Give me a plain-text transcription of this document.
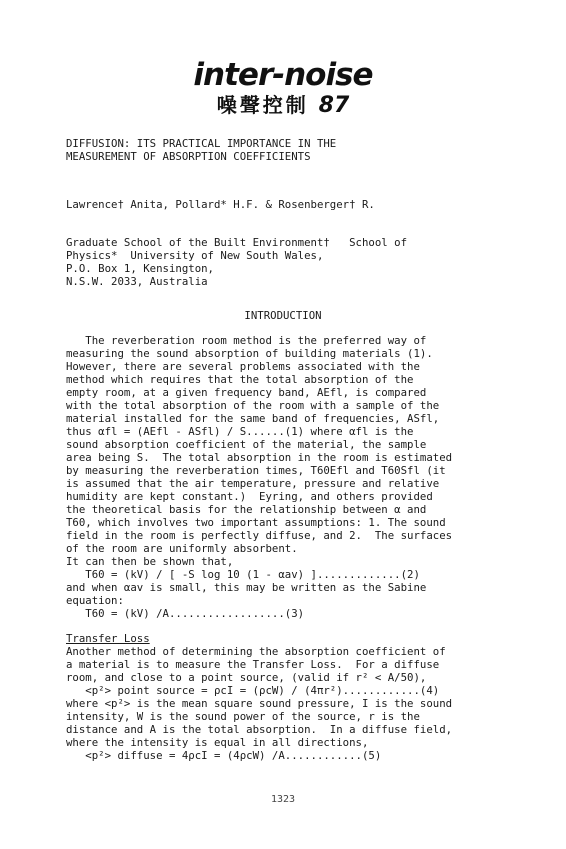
inter-noise
噪聲控制 87
DIFFUSION: ITS PRACTICAL IMPORTANCE IN THE
MEASUREMENT OF ABSORPTION COEFFICIENTS
Lawrence† Anita, Pollard* H.F. & Rosenberger† R.
Graduate School of the Built Environment†   School of
Physics*  University of New South Wales,
P.O. Box 1, Kensington,
N.S.W. 2033, Australia
INTRODUCTION
The reverberation room method is the preferred way of
measuring the sound absorption of building materials (1).
However, there are several problems associated with the
method which requires that the total absorption of the
empty room, at a given frequency band, AEfl, is compared
with the total absorption of the room with a sample of the
material installed for the same band of frequencies, ASfl,
thus αfl = (AEfl - ASfl) / S......(1) where αfl is the
sound absorption coefficient of the material, the sample
area being S.  The total absorption in the room is estimated
by measuring the reverberation times, T60Efl and T60Sfl (it
is assumed that the air temperature, pressure and relative
humidity are kept constant.)  Eyring, and others provided
the theoretical basis for the relationship between α and
T60, which involves two important assumptions: 1. The sound
field in the room is perfectly diffuse, and 2.  The surfaces
of the room are uniformly absorbent.
It can then be shown that,
T60 = (kV) / [ -S log 10 (1 - αav) ].............(2)
and when αav is small, this may be written as the Sabine
equation:
T60 = (kV) /A..................(3)
Transfer Loss
Another method of determining the absorption coefficient of
a material is to measure the Transfer Loss.  For a diffuse
room, and close to a point source, (valid if r² < A/50),
<p²> point source = ρcI = (ρcW) / (4πr²)............(4)
where <p²> is the mean square sound pressure, I is the sound
intensity, W is the sound power of the source, r is the
distance and A is the total absorption.  In a diffuse field,
where the intensity is equal in all directions,
<p²> diffuse = 4ρcI = (4ρcW) /A............(5)
1323
